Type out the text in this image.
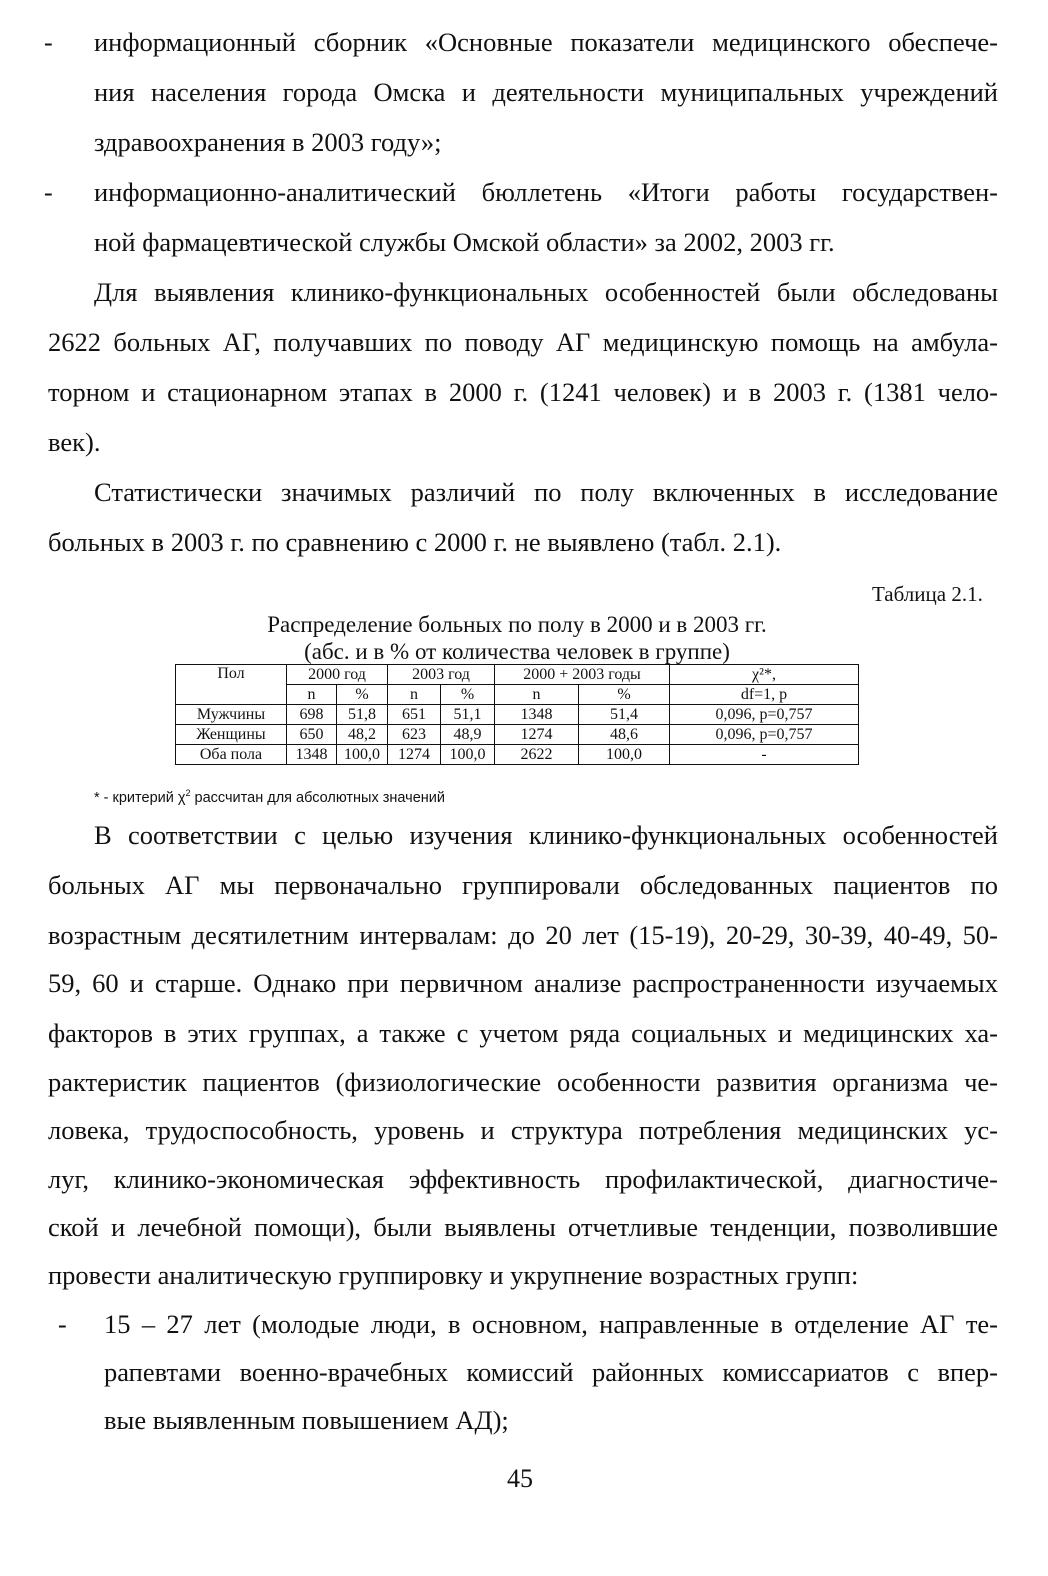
- информационный сборник «Основные показатели медицинского обеспече-
ния населения города Омска и деятельности муниципальных учреждений
здравоохранения в 2003 году»;
- информационно-аналитический бюллетень «Итоги работы государствен-
ной фармацевтической службы Омской области» за 2002, 2003 гг.
Для выявления клинико-функциональных особенностей были обследованы
2622 больных АГ, получавших по поводу АГ медицинскую помощь на амбула-
торном и стационарном этапах в 2000 г. (1241 человек) и в 2003 г. (1381 чело-
век).
Статистически значимых различий по полу включенных в исследование
больных в 2003 г. по сравнению с 2000 г. не выявлено (табл. 2.1).
Таблица 2.1.
Распределение больных по полу в 2000 и в 2003 гг.
(абс. и в % от количества человек в группе)
Пол	2000 год		2003 год		2000 + 2003 годы		χ²*,
	n	%	n	%	n	%	df=1, p
Мужчины	698	51,8	651	51,1	1348	51,4	0,096, p=0,757
Женщины	650	48,2	623	48,9	1274	48,6	0,096, p=0,757
Оба пола	1348	100,0	1274	100,0	2622	100,0	-
* - критерий $\chi^2$ рассчитан для абсолютных значений
В соответствии с целью изучения клинико-функциональных особенностей
больных АГ мы первоначально группировали обследованных пациентов по
возрастным десятилетним интервалам: до 20 лет (15-19), 20-29, 30-39, 40-49, 50-
59, 60 и старше. Однако при первичном анализе распространенности изучаемых
факторов в этих группах, а также с учетом ряда социальных и медицинских ха-
рактеристик пациентов (физиологические особенности развития организма че-
ловека, трудоспособность, уровень и структура потребления медицинских ус-
луг, клинико-экономическая эффективность профилактической, диагностиче-
ской и лечебной помощи), были выявлены отчетливые тенденции, позволившие
провести аналитическую группировку и укрупнение возрастных групп:
- 15 – 27 лет (молодые люди, в основном, направленные в отделение АГ те-
рапевтами военно-врачебных комиссий районных комиссариатов с впер-
вые выявленным повышением АД);
45
